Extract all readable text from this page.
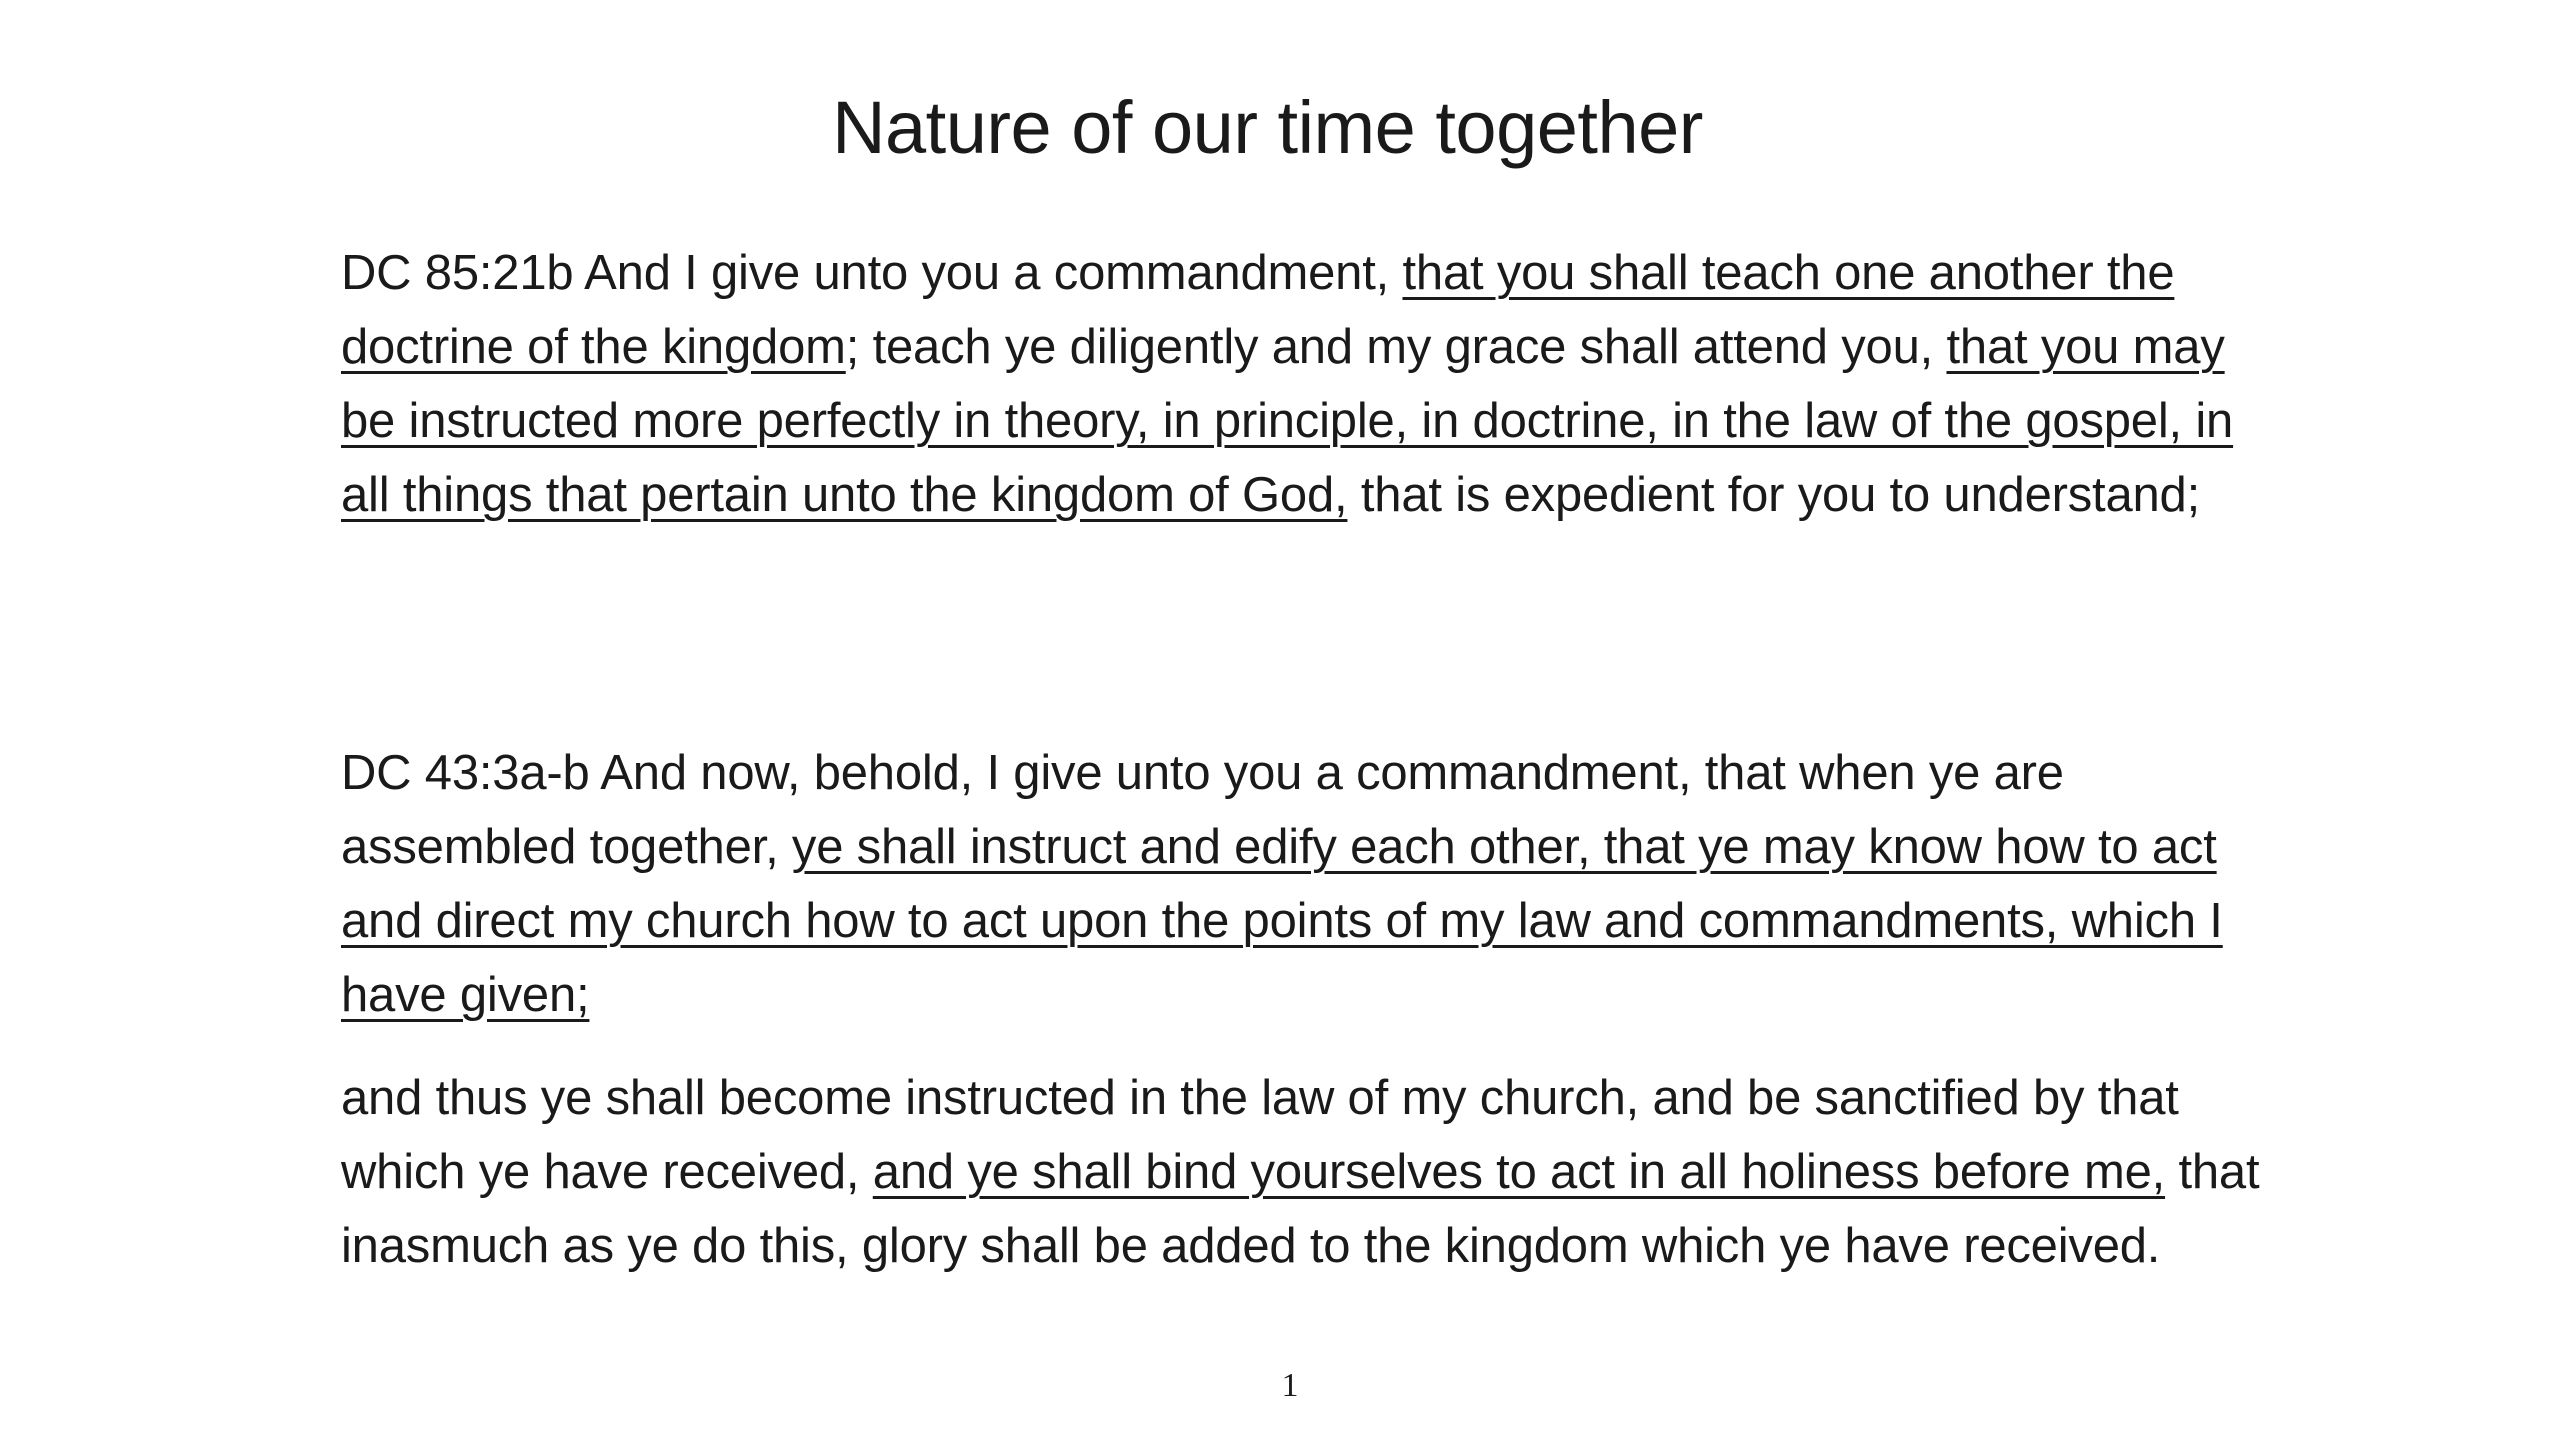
Nature of our time together

DC 85:21b And I give unto you a commandment, that you shall teach one another the doctrine of the kingdom; teach ye diligently and my grace shall attend you, that you may be instructed more perfectly in theory, in principle, in doctrine, in the law of the gospel, in all things that pertain unto the kingdom of God, that is expedient for you to understand;

DC 43:3a-b And now, behold, I give unto you a commandment, that when ye are assembled together, ye shall instruct and edify each other, that ye may know how to act and direct my church how to act upon the points of my law and commandments, which I have given;

and thus ye shall become instructed in the law of my church, and be sanctified by that which ye have received, and ye shall bind yourselves to act in all holiness before me, that inasmuch as ye do this, glory shall be added to the kingdom which ye have received.

1
